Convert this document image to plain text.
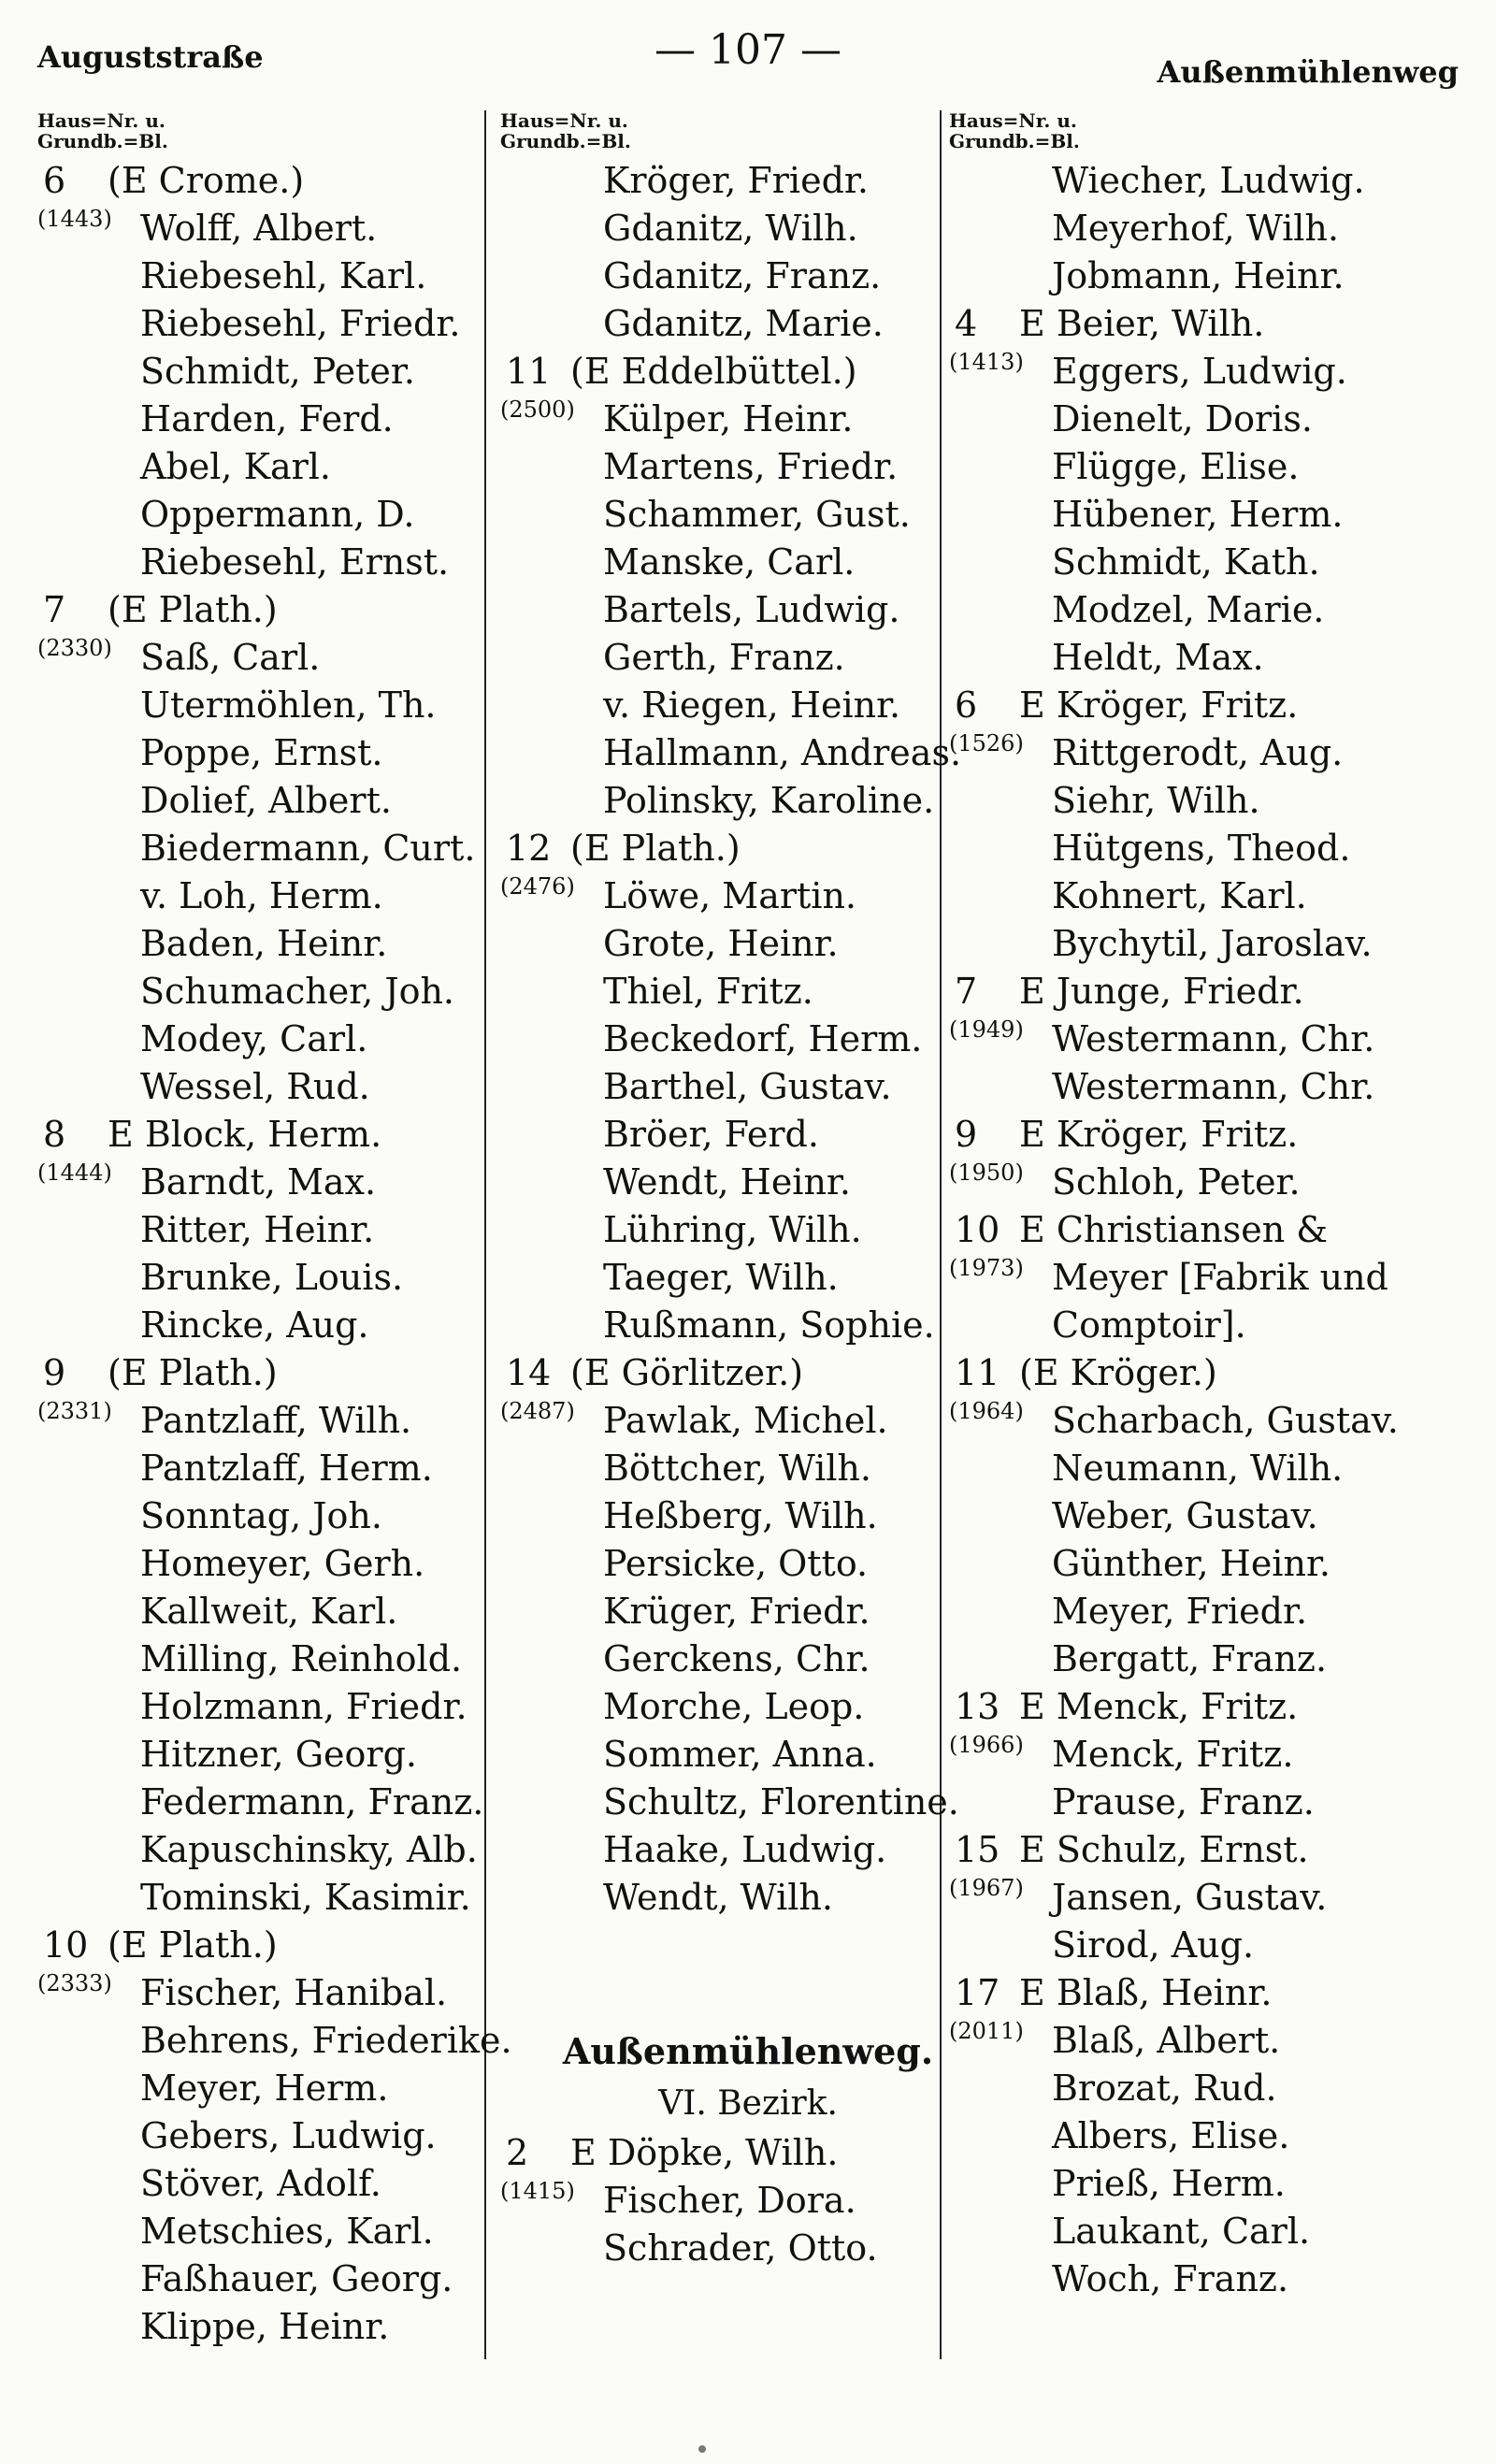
Auguststraße	— 107 —	Außenmühlenweg
Haus=Nr. u.
Grundb.=Bl.
6 (E Crome.)
(1443) Wolff, Albert.
Riebesehl, Karl.
Riebesehl, Friedr.
Schmidt, Peter.
Harden, Ferd.
Abel, Karl.
Oppermann, D.
Riebesehl, Ernst.
7 (E Plath.)
(2330) Saß, Carl.
Utermöhlen, Th.
Poppe, Ernst.
Dolief, Albert.
Biedermann, Curt.
v. Loh, Herm.
Baden, Heinr.
Schumacher, Joh.
Modey, Carl.
Wessel, Rud.
8 E Block, Herm.
(1444) Barndt, Max.
Ritter, Heinr.
Brunke, Louis.
Rincke, Aug.
9 (E Plath.)
(2331) Pantzlaff, Wilh.
Pantzlaff, Herm.
Sonntag, Joh.
Homeyer, Gerh.
Kallweit, Karl.
Milling, Reinhold.
Holzmann, Friedr.
Hitzner, Georg.
Federmann, Franz.
Kapuschinsky, Alb.
Tominski, Kasimir.
10 (E Plath.)
(2333) Fischer, Hanibal.
Behrens, Friederike.
Meyer, Herm.
Gebers, Ludwig.
Stöver, Adolf.
Metschies, Karl.
Faßhauer, Georg.
Klippe, Heinr.
Haus=Nr. u.
Grundb.=Bl.
Kröger, Friedr.
Gdanitz, Wilh.
Gdanitz, Franz.
Gdanitz, Marie.
11 (E Eddelbüttel.)
(2500) Külper, Heinr.
Martens, Friedr.
Schammer, Gust.
Manske, Carl.
Bartels, Ludwig.
Gerth, Franz.
v. Riegen, Heinr.
Hallmann, Andreas.
Polinsky, Karoline.
12 (E Plath.)
(2476) Löwe, Martin.
Grote, Heinr.
Thiel, Fritz.
Beckedorf, Herm.
Barthel, Gustav.
Bröer, Ferd.
Wendt, Heinr.
Lühring, Wilh.
Taeger, Wilh.
Rußmann, Sophie.
14 (E Görlitzer.)
(2487) Pawlak, Michel.
Böttcher, Wilh.
Heßberg, Wilh.
Persicke, Otto.
Krüger, Friedr.
Gerckens, Chr.
Morche, Leop.
Sommer, Anna.
Schultz, Florentine.
Haake, Ludwig.
Wendt, Wilh.
Außenmühlenweg.
VI. Bezirk.
2 E Döpke, Wilh.
(1415) Fischer, Dora.
Schrader, Otto.
Haus=Nr. u.
Grundb.=Bl.
Wiecher, Ludwig.
Meyerhof, Wilh.
Jobmann, Heinr.
4 E Beier, Wilh.
(1413) Eggers, Ludwig.
Dienelt, Doris.
Flügge, Elise.
Hübener, Herm.
Schmidt, Kath.
Modzel, Marie.
Heldt, Max.
6 E Kröger, Fritz.
(1526) Rittgerodt, Aug.
Siehr, Wilh.
Hütgens, Theod.
Kohnert, Karl.
Bychytil, Jaroslav.
7 E Junge, Friedr.
(1949) Westermann, Chr.
Westermann, Chr.
9 E Kröger, Fritz.
(1950) Schloh, Peter.
10 E Christiansen &
(1973) Meyer [Fabrik und
Comptoir].
11 (E Kröger.)
(1964) Scharbach, Gustav.
Neumann, Wilh.
Weber, Gustav.
Günther, Heinr.
Meyer, Friedr.
Bergatt, Franz.
13 E Menck, Fritz.
(1966) Menck, Fritz.
Prause, Franz.
15 E Schulz, Ernst.
(1967) Jansen, Gustav.
Sirod, Aug.
17 E Blaß, Heinr.
(2011) Blaß, Albert.
Brozat, Rud.
Albers, Elise.
Prieß, Herm.
Laukant, Carl.
Woch, Franz.
